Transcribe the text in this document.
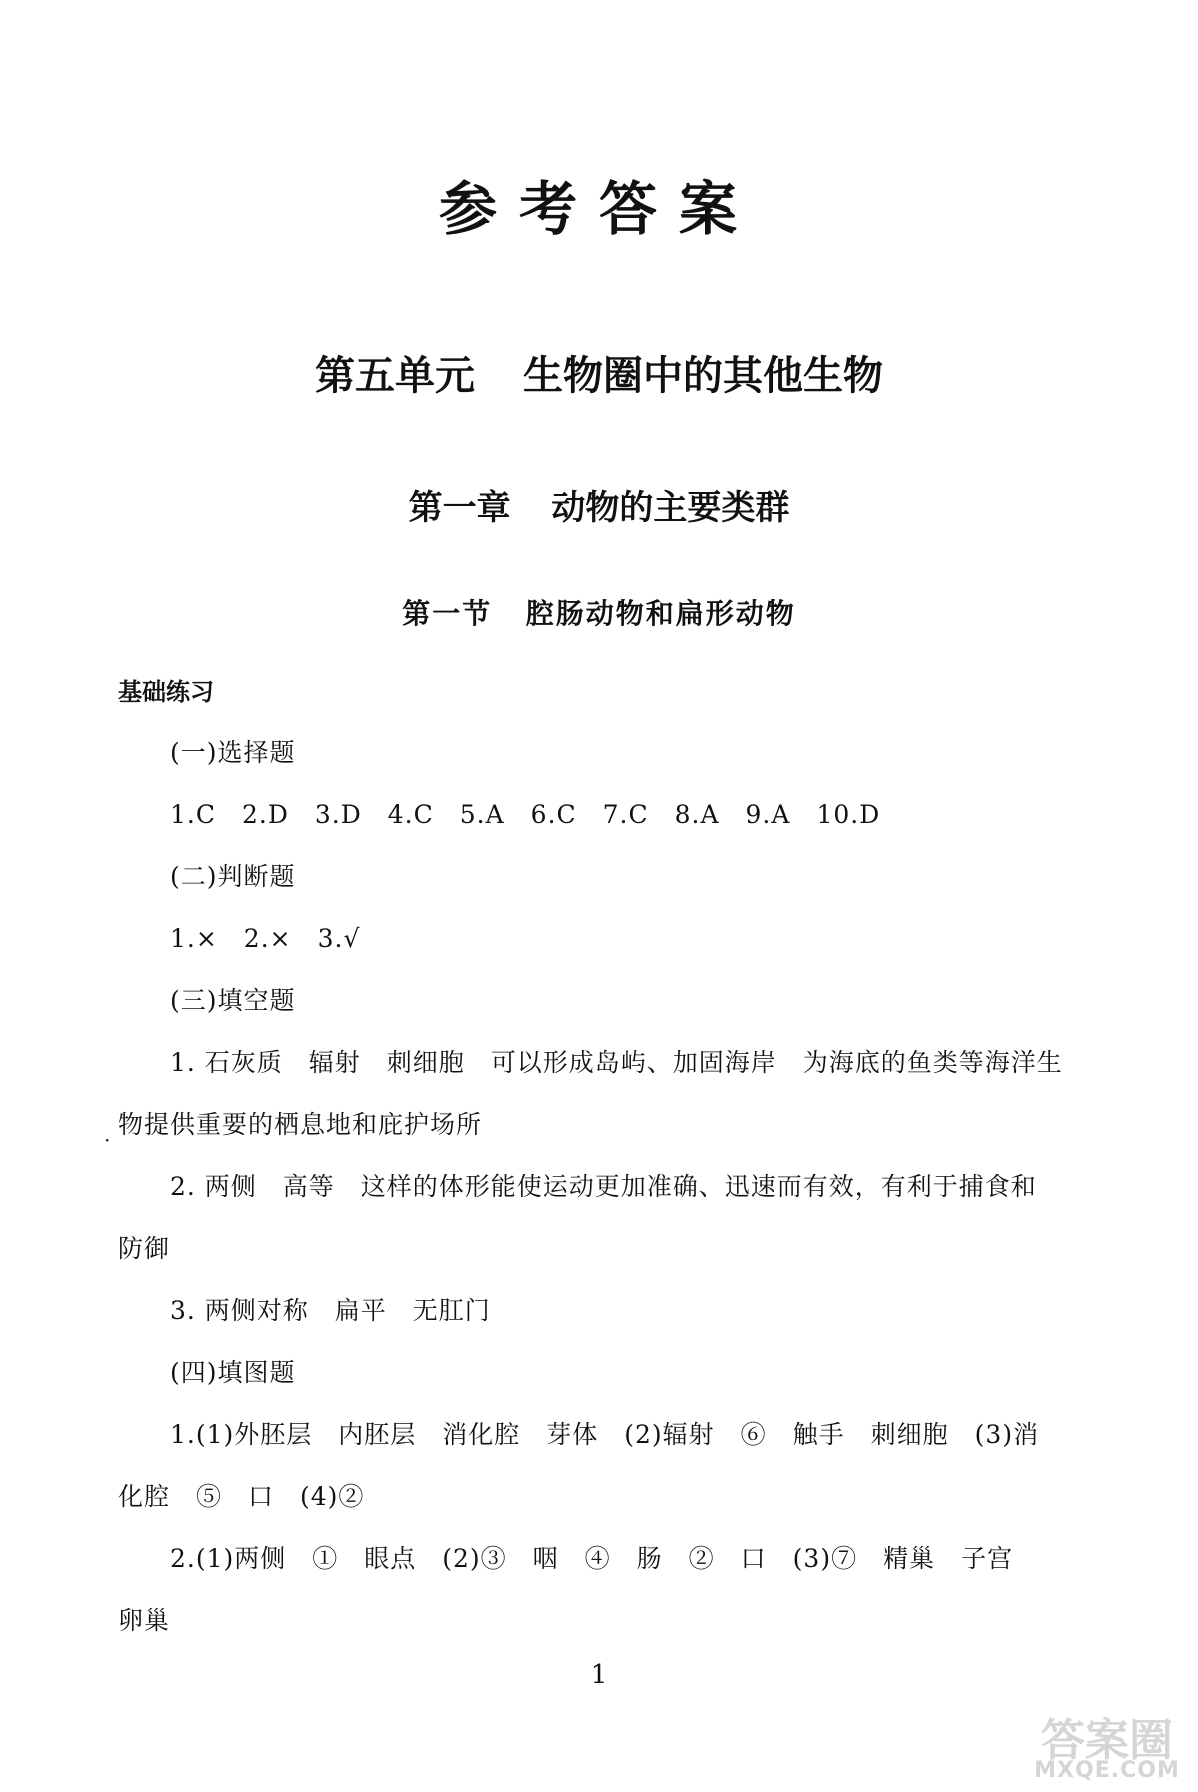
参考答案
第五单元 生物圈中的其他生物
第一章 动物的主要类群
第一节 腔肠动物和扁形动物
基础练习
(一)选择题
1.C　2.D　3.D　4.C　5.A　6.C　7.C　8.A　9.A　10.D
(二)判断题
1.×　2.×　3.√
(三)填空题
1. 石灰质　辐射　刺细胞　可以形成岛屿、加固海岸　为海底的鱼类等海洋生
·
物提供重要的栖息地和庇护场所
2. 两侧　高等　这样的体形能使运动更加准确、迅速而有效，有利于捕食和
防御
3. 两侧对称　扁平　无肛门
(四)填图题
1.(1)外胚层　内胚层　消化腔　芽体　(2)辐射　⑥　触手　刺细胞　(3)消
化腔　⑤　口　(4)②
2.(1)两侧　①　眼点　(2)③　咽　④　肠　②　口　(3)⑦　精巢　子宫
卵巢
1
答案圈
MXQE.COM
